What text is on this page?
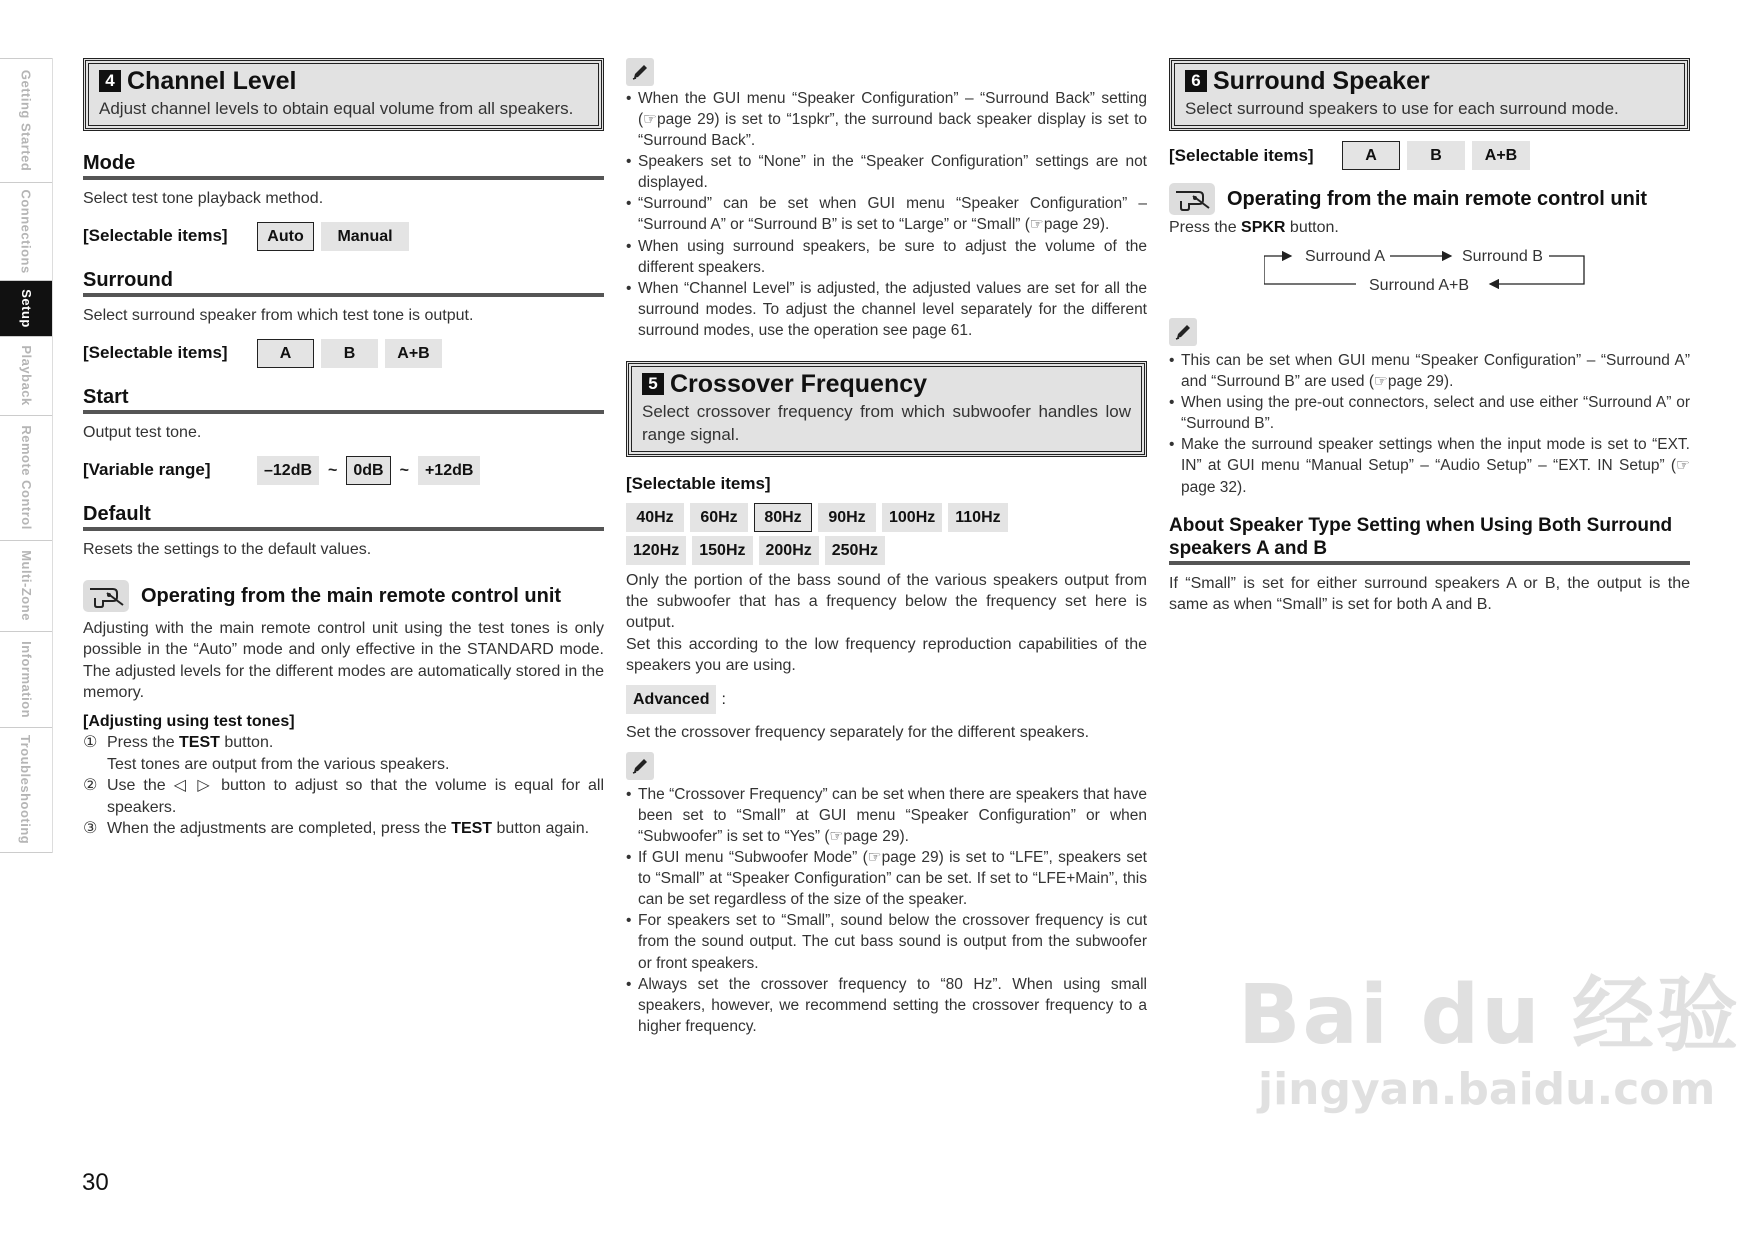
Getting Started
Connections
Setup
Playback
Remote Control
Multi-Zone
Information
Troubleshooting
4 Channel Level
Adjust channel levels to obtain equal volume from all speakers.
Mode
Select test tone playback method.
[Selectable items]	Auto	Manual
Surround
Select surround speaker from which test tone is output.
[Selectable items]	A	B	A+B
Start
Output test tone.
[Variable range]	–12dB	~	0dB	~	+12dB
Default
Resets the settings to the default values.
Operating from the main remote control unit
Adjusting with the main remote control unit using the test tones is only possible in the “Auto” mode and only effective in the STANDARD mode. The adjusted levels for the different modes are automatically stored in the memory.
[Adjusting using test tones]
① Press the TEST button.
Test tones are output from the various speakers.
② Use the ◁ ▷ button to adjust so that the volume is equal for all speakers.
③ When the adjustments are completed, press the TEST button again.
• When the GUI menu “Speaker Configuration” – “Surround Back” setting (☞page 29) is set to “1spkr”, the surround back speaker display is set to “Surround Back”.
• Speakers set to “None” in the “Speaker Configuration” settings are not displayed.
• “Surround” can be set when GUI menu “Speaker Configuration” – “Surround A” or “Surround B” is set to “Large” or “Small” (☞page 29).
• When using surround speakers, be sure to adjust the volume of the different speakers.
• When “Channel Level” is adjusted, the adjusted values are set for all the surround modes. To adjust the channel level separately for the different surround modes, use the operation see page 61.
5 Crossover Frequency
Select crossover frequency from which subwoofer handles low range signal.
[Selectable items]
40Hz	60Hz	80Hz	90Hz	100Hz	110Hz
120Hz	150Hz	200Hz	250Hz
Only the portion of the bass sound of the various speakers output from the subwoofer that has a frequency below the frequency set here is output.
Set this according to the low frequency reproduction capabilities of the speakers you are using.
Advanced :
Set the crossover frequency separately for the different speakers.
• The “Crossover Frequency” can be set when there are speakers that have been set to “Small” at GUI menu “Speaker Configuration” or when “Subwoofer” is set to “Yes” (☞page 29).
• If GUI menu “Subwoofer Mode” (☞page 29) is set to “LFE”, speakers set to “Small” at “Speaker Configuration” can be set. If set to “LFE+Main”, this can be set regardless of the size of the speaker.
• For speakers set to “Small”, sound below the crossover frequency is cut from the sound output. The cut bass sound is output from the subwoofer or front speakers.
• Always set the crossover frequency to “80 Hz”. When using small speakers, however, we recommend setting the crossover frequency to a higher frequency.
6 Surround Speaker
Select surround speakers to use for each surround mode.
[Selectable items]	A	B	A+B
Operating from the main remote control unit
Press the SPKR button.
Surround A	Surround B
Surround A+B
• This can be set when GUI menu “Speaker Configuration” – “Surround A” and “Surround B” are used (☞page 29).
• When using the pre-out connectors, select and use either “Surround A” or “Surround B”.
• Make the surround speaker settings when the input mode is set to “EXT. IN” at GUI menu “Manual Setup” – “Audio Setup” – “EXT. IN Setup” (☞page 32).
About Speaker Type Setting when Using Both Surround speakers A and B
If “Small” is set for either surround speakers A or B, the output is the same as when “Small” is set for both A and B.
30
Bai du 经验
jingyan.baidu.com
